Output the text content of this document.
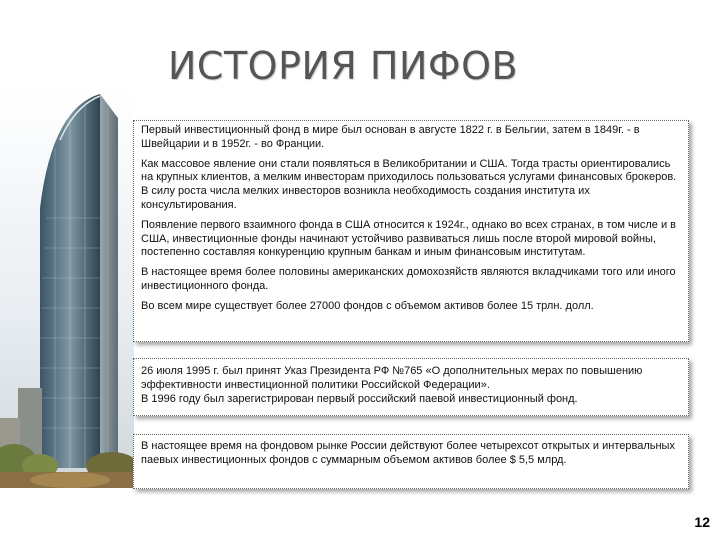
ИСТОРИЯ ПИФОВ

Первый инвестиционный фонд в мире был основан в августе 1822 г. в Бельгии, затем в 1849г. - в Швейцарии и в 1952г. - во Франции.

Как массовое явление они стали появляться в Великобритании и США. Тогда трасты ориентировались на крупных клиентов, а мелким инвесторам приходилось пользоваться услугами финансовых брокеров. В силу роста числа мелких инвесторов возникла необходимость создания института их консультирования.

Появление первого взаимного фонда в США относится к 1924г., однако во всех странах, в том числе и в США, инвестиционные фонды начинают устойчиво развиваться лишь после второй мировой войны, постепенно составляя конкуренцию крупным банкам и иным финансовым институтам.

В настоящее время более половины американских домохозяйств являются вкладчиками того или иного инвестиционного фонда.

Во всем мире существует более 27000 фондов с объемом активов более 15 трлн. долл.

26 июля 1995 г. был принят Указ Президента РФ №765 «О дополнительных мерах по повышению эффективности инвестиционной политики Российской Федерации».

В 1996 году был зарегистрирован первый российский паевой инвестиционный фонд.

В настоящее время на фондовом рынке России действуют более четырехсот открытых и интервальных паевых инвестиционных фондов с суммарным объемом активов более $ 5,5 млрд.

12
